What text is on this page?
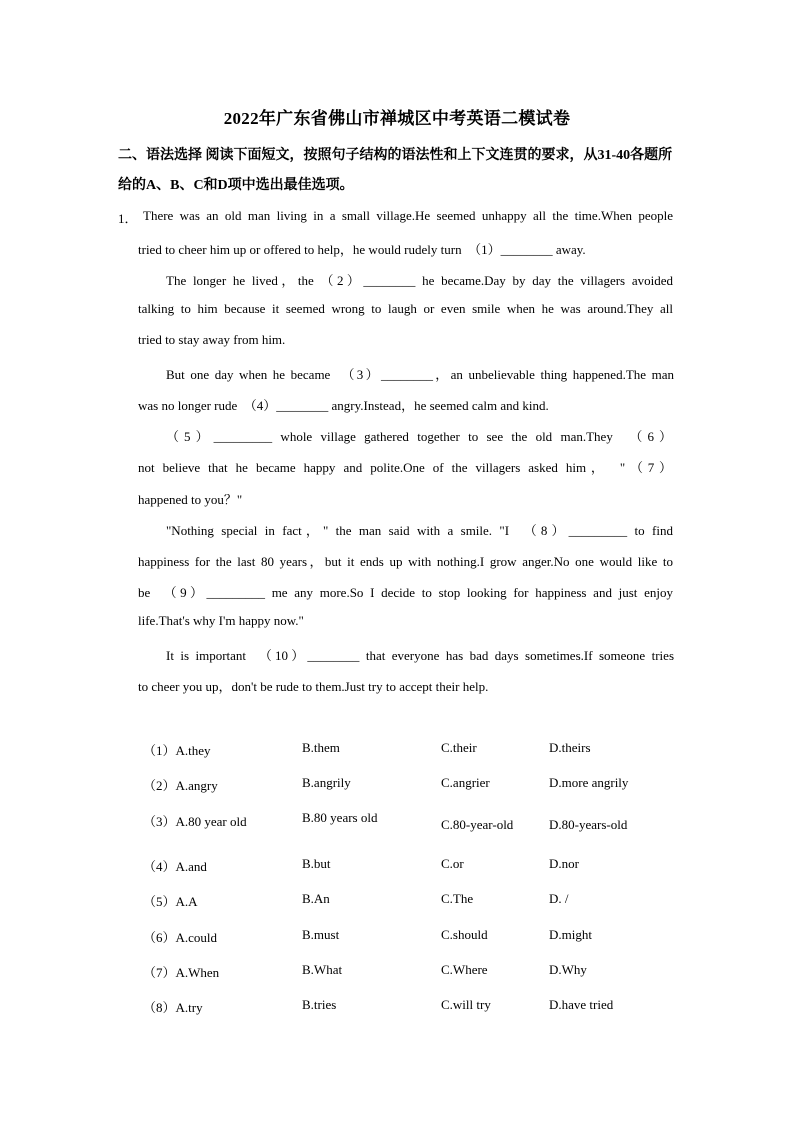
2022年广东省佛山市禅城区中考英语二模试卷
二、语法选择 阅读下面短文，按照句子结构的语法性和上下文连贯的要求，从31-40各题所给的A、B、C和D项中选出最佳选项。
1． There was an old man living in a small village.He seemed unhappy all the time.When people
tried to cheer him up or offered to help，he would rudely turn　（1）________ away.
The longer he lived，the （2）________ he became.Day by day the villagers avoided
talking to him because it seemed wrong to laugh or even smile when he was around.They all
tried to stay away from him.
But one day when he became　（3）________，an unbelievable thing happened.The man
was no longer rude　（4）________ angry.Instead，he seemed calm and kind.
（5）_________ whole village gathered together to see the old man.They　（6）
not believe that he became happy and polite.One of the villagers asked him，　"（7）
happened to you？"
"Nothing special in fact，" the man said with a smile. "I　（8）_________ to find
happiness for the last 80 years，but it ends up with nothing.I grow anger.No one would like to
be　（9）_________ me any more.So I decide to stop looking for happiness and just enjoy
life.That's why I'm happy now."
It is important　（10）________ that everyone has bad days sometimes.If someone tries
to cheer you up，don't be rude to them.Just try to accept their help.
（1）A.they	B.them	C.their	D.theirs
（2）A.angry	B.angrily	C.angrier	D.more angrily
（3）A.80 year old	B.80 years old	C.80-year-old	D.80-years-old
（4）A.and	B.but	C.or	D.nor
（5）A.A	B.An	C.The	D. /
（6）A.could	B.must	C.should	D.might
（7）A.When	B.What	C.Where	D.Why
（8）A.try	B.tries	C.will try	D.have tried
